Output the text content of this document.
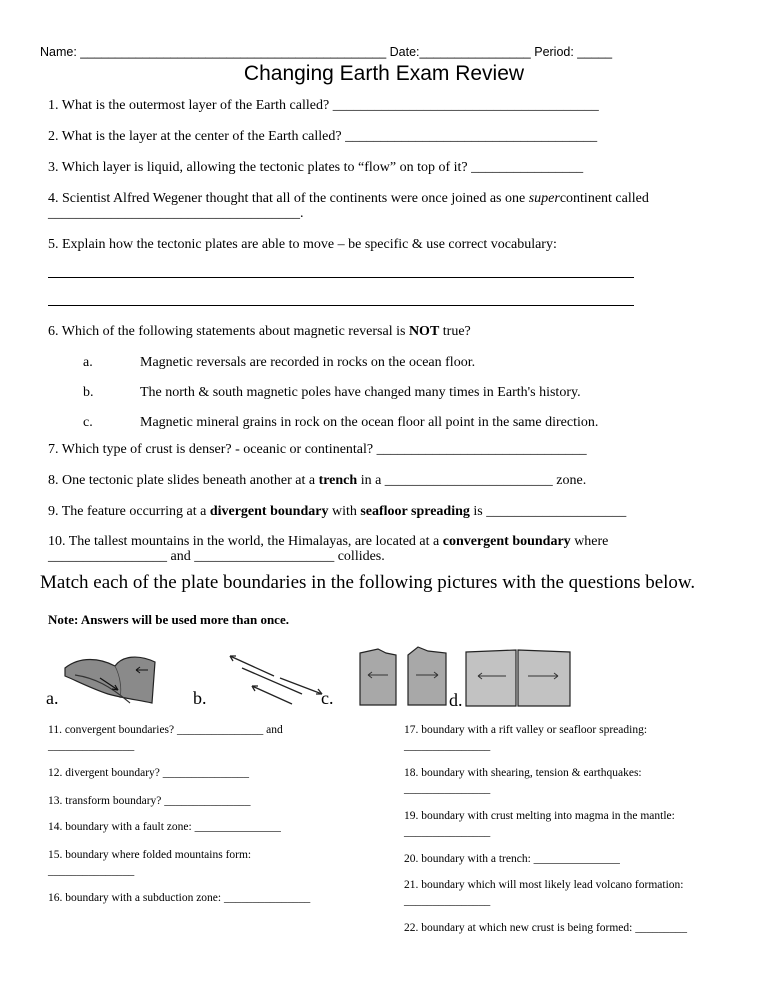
Name: ____________________________________________ Date:________________ Period: _____
Changing Earth Exam Review
1. What is the outermost layer of the Earth called? ______________________________________
2. What is the layer at the center of the Earth called? ____________________________________
3. Which layer is liquid, allowing the tectonic plates to “flow” on top of it? ________________
4. Scientist Alfred Wegener thought that all of the continents were once joined as one supercontinent called
____________________________________.
5. Explain how the tectonic plates are able to move – be specific & use correct vocabulary:
6. Which of the following statements about magnetic reversal is NOT true?
a.	Magnetic reversals are recorded in rocks on the ocean floor.
b.	The north & south magnetic poles have changed many times in Earth's history.
c.	Magnetic mineral grains in rock on the ocean floor all point in the same direction.
7. Which type of crust is denser? - oceanic or continental? ______________________________
8. One tectonic plate slides beneath another at a trench in a ________________________ zone.
9. The feature occurring at a divergent boundary with seafloor spreading is ____________________
10. The tallest mountains in the world, the Himalayas, are located at a convergent boundary where
_________________ and ____________________ collides.
Match each of the plate boundaries in the following pictures with the questions below.
Note: Answers will be used more than once.
a.	b.	c.	d.
11. convergent boundaries? _______________ and
_______________
12. divergent boundary? _______________
13. transform boundary? _______________
14. boundary with a fault zone: _______________
15. boundary where folded mountains form:
_______________
16. boundary with a subduction zone: _______________
17. boundary with a rift valley or seafloor spreading:
_______________
18. boundary with shearing, tension & earthquakes:
_______________
19. boundary with crust melting into magma in the mantle:
_______________
20. boundary with a trench: _______________
21. boundary which will most likely lead volcano formation:
_______________
22. boundary at which new crust is being formed: _________
